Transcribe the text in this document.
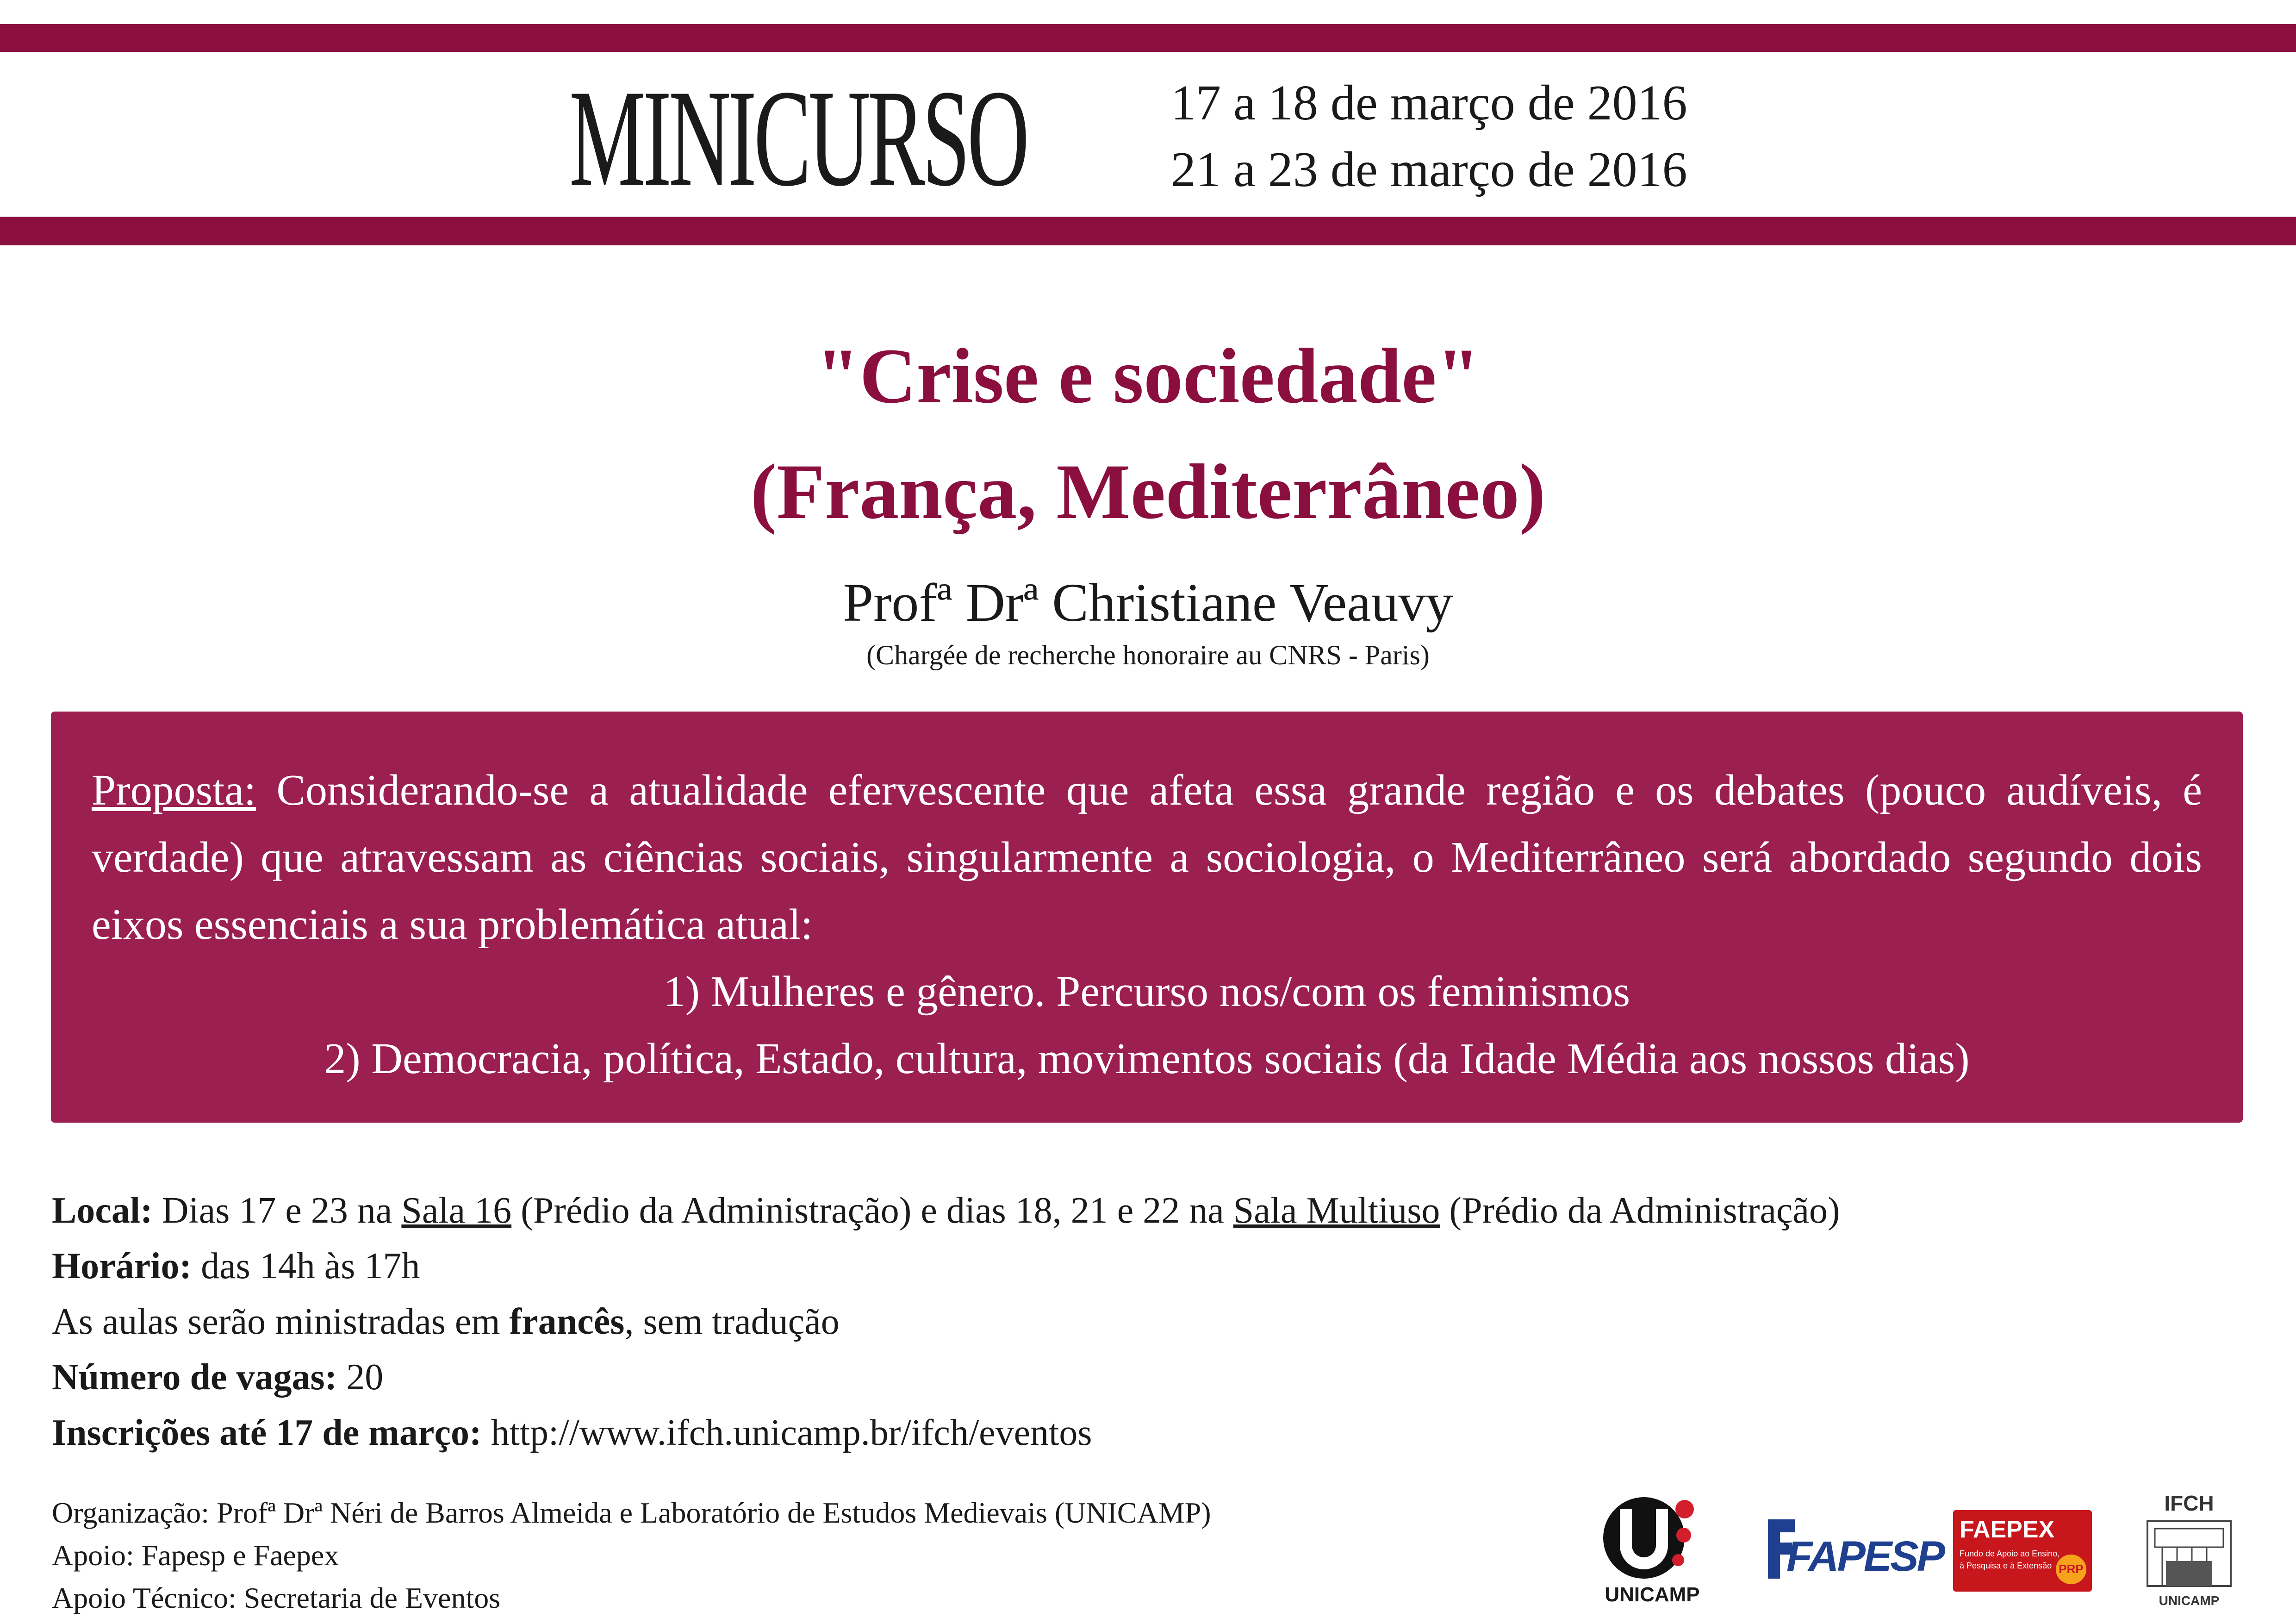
MINICURSO	17 a 18 de março de 2016
21 a 23 de março de 2016
"Crise e sociedade"
(França, Mediterrâneo)
Profª Drª Christiane Veauvy
(Chargée de recherche honoraire au CNRS - Paris)

Proposta: Considerando-se a atualidade efervescente que afeta essa grande região e os debates (pouco audíveis, é verdade) que atravessam as ciências sociais, singularmente a sociologia, o Mediterrâneo será abordado segundo dois eixos essenciais a sua problemática atual:

1) Mulheres e gênero. Percurso nos/com os feminismos

2) Democracia, política, Estado, cultura, movimentos sociais (da Idade Média aos nossos dias)

Local: Dias 17 e 23 na Sala 16 (Prédio da Administração) e dias 18, 21 e 22 na Sala Multiuso (Prédio da Administração)
Horário: das 14h às 17h
As aulas serão ministradas em francês, sem tradução
Número de vagas: 20
Inscrições até 17 de março: http://www.ifch.unicamp.br/ifch/eventos
Organização: Profª Drª Néri de Barros Almeida e Laboratório de Estudos Medievais (UNICAMP)
Apoio: Fapesp e Faepex
Apoio Técnico: Secretaria de Eventos	UNICAMP
FAPESP
FAEPEX
Fundo de Apoio ao Ensino,
à Pesquisa e à Extensão PRP
IFCH
UNICAMP
